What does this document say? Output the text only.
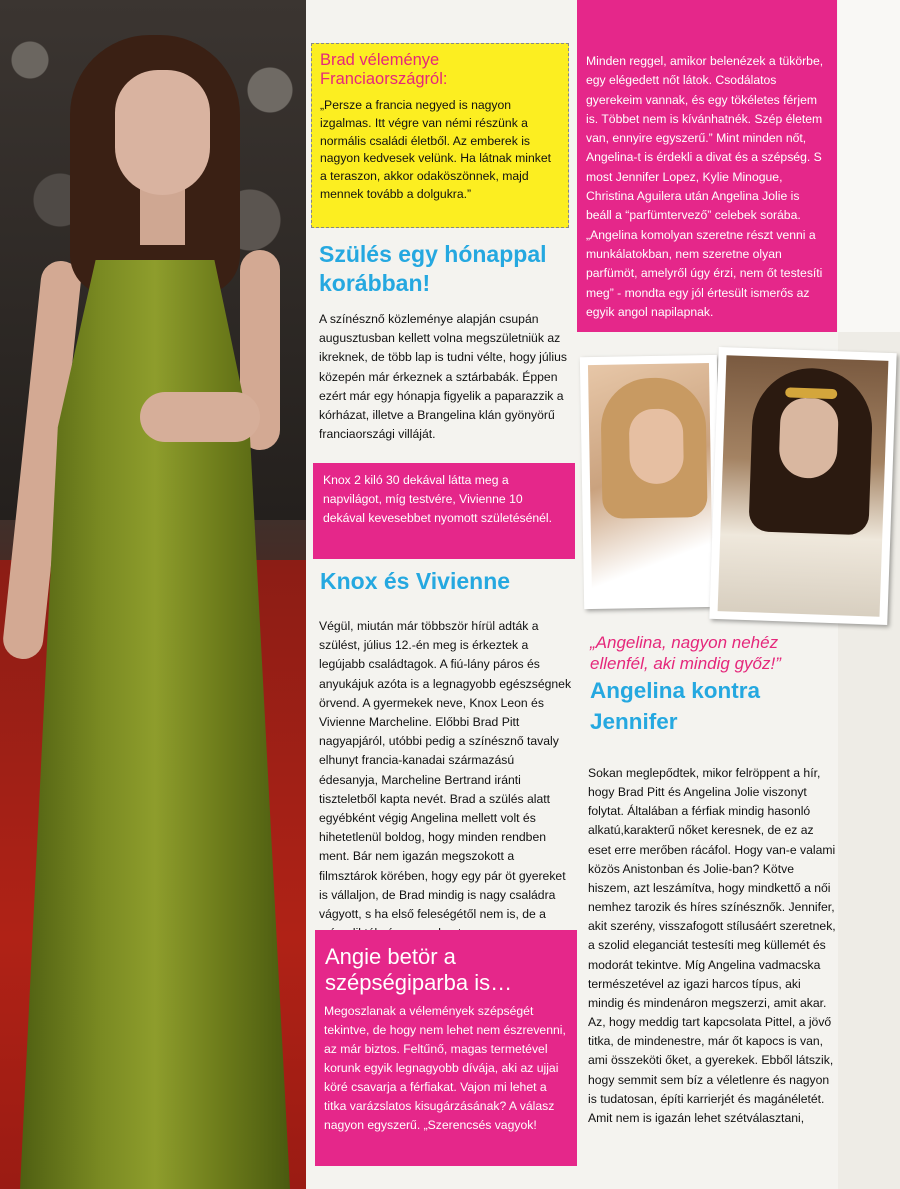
Brad véleménye
Franciaországról:
„Persze a francia negyed is nagyon izgalmas. Itt végre van némi részünk a normális családi életből. Az emberek is nagyon kedvesek velünk. Ha látnak minket a teraszon, akkor odaköszönnek, majd mennek tovább a dolgukra.”
Szülés egy hónappal korábban!
A színésznő közleménye alapján csupán augusztusban kellett volna megszületniük az ikreknek, de több lap is tudni vélte, hogy július közepén már érkeznek a sztárbabák. Éppen ezért már egy hónapja figyelik a paparazzik a kórházat, illetve a Brangelina klán gyönyörű franciaországi villáját.
Knox 2 kiló 30 dekával látta meg a napvilágot, míg testvére, Vivienne 10 dekával kevesebbet nyomott születésénél.
Knox és Vivienne
Végül, miután már többször hírül adták a szülést, július 12.-én meg is érkeztek a legújabb családtagok. A fiú-lány páros és anyukájuk azóta is a legnagyobb egészségnek örvend. A gyermekek neve, Knox Leon és Vivienne Marcheline. Előbbi Brad Pitt nagyapjáról, utóbbi pedig a színésznő tavaly elhunyt francia-kanadai származású édesanyja, Marcheline Bertrand iránti tiszteletből kapta nevét. Brad a szülés alatt egyébként végig Angelina mellett volt és hihetetlenül boldog, hogy minden rendben ment. Bár nem igazán megszokott a filmsztárok körében, hogy egy pár öt gyereket is vállaljon, de Brad mindig is nagy családra vágyott, s ha első feleségétől nem is, de a
Angie betör a
szépségiparba is…
Megoszlanak a vélemények szépségét tekintve, de hogy nem lehet nem észrevenni, az már biztos. Feltűnő, magas termetével korunk egyik legnagyobb dívája, aki az ujjai köré csavarja a férfiakat. Vajon mi lehet a titka varázslatos kisugárzásának? A válasz nagyon egyszerű. „Szerencsés vagyok!
Minden reggel, amikor belenézek a tükörbe, egy elégedett nőt látok. Csodálatos gyerekeim vannak, és egy tökéletes férjem is. Többet nem is kívánhatnék. Szép életem van, ennyire egyszerű.” Mint minden nőt, Angelina-t is érdekli a divat és a szépség. S most Jennifer Lopez, Kylie Minogue, Christina Aguilera után Angelina Jolie is beáll a “parfümtervező” celebek sorába. „Angelina komolyan szeretne részt venni a munkálatokban, nem szeretne olyan parfümöt, amelyről úgy érzi, nem őt testesíti meg” - mondta egy jól értesült ismerős az egyik angol napilapnak.
„Angelina, nagyon nehéz ellenfél, aki mindig győz!”
Angelina kontra
Jennifer
Sokan meglepődtek, mikor felröppent a hír, hogy Brad Pitt és Angelina Jolie viszonyt folytat. Általában a férfiak mindig hasonló alkatú,karakterű nőket keresnek, de ez az eset erre merőben rácáfol. Hogy van-e valami közös Anistonban és Jolie-ban? Kötve hiszem, azt leszámítva, hogy mindkettő a női nemhez tarozik és híres színésznők. Jennifer, akit szerény, visszafogott stílusáért szeretnek, a szolid eleganciát testesíti meg küllemét és modorát tekintve. Míg Angelina vadmacska természetével az igazi harcos típus, aki mindig és mindenáron megszerzi, amit akar. Az, hogy meddig tart kapcsolata Pittel, a jövő titka, de mindenestre, már őt kapocs is van, ami összeköti őket, a gyerekek. Ebből látszik, hogy semmit sem bíz a véletlenre és nagyon is tudatosan, építi karrierjét és magánéletét. Amit nem is igazán lehet szétválasztani,
